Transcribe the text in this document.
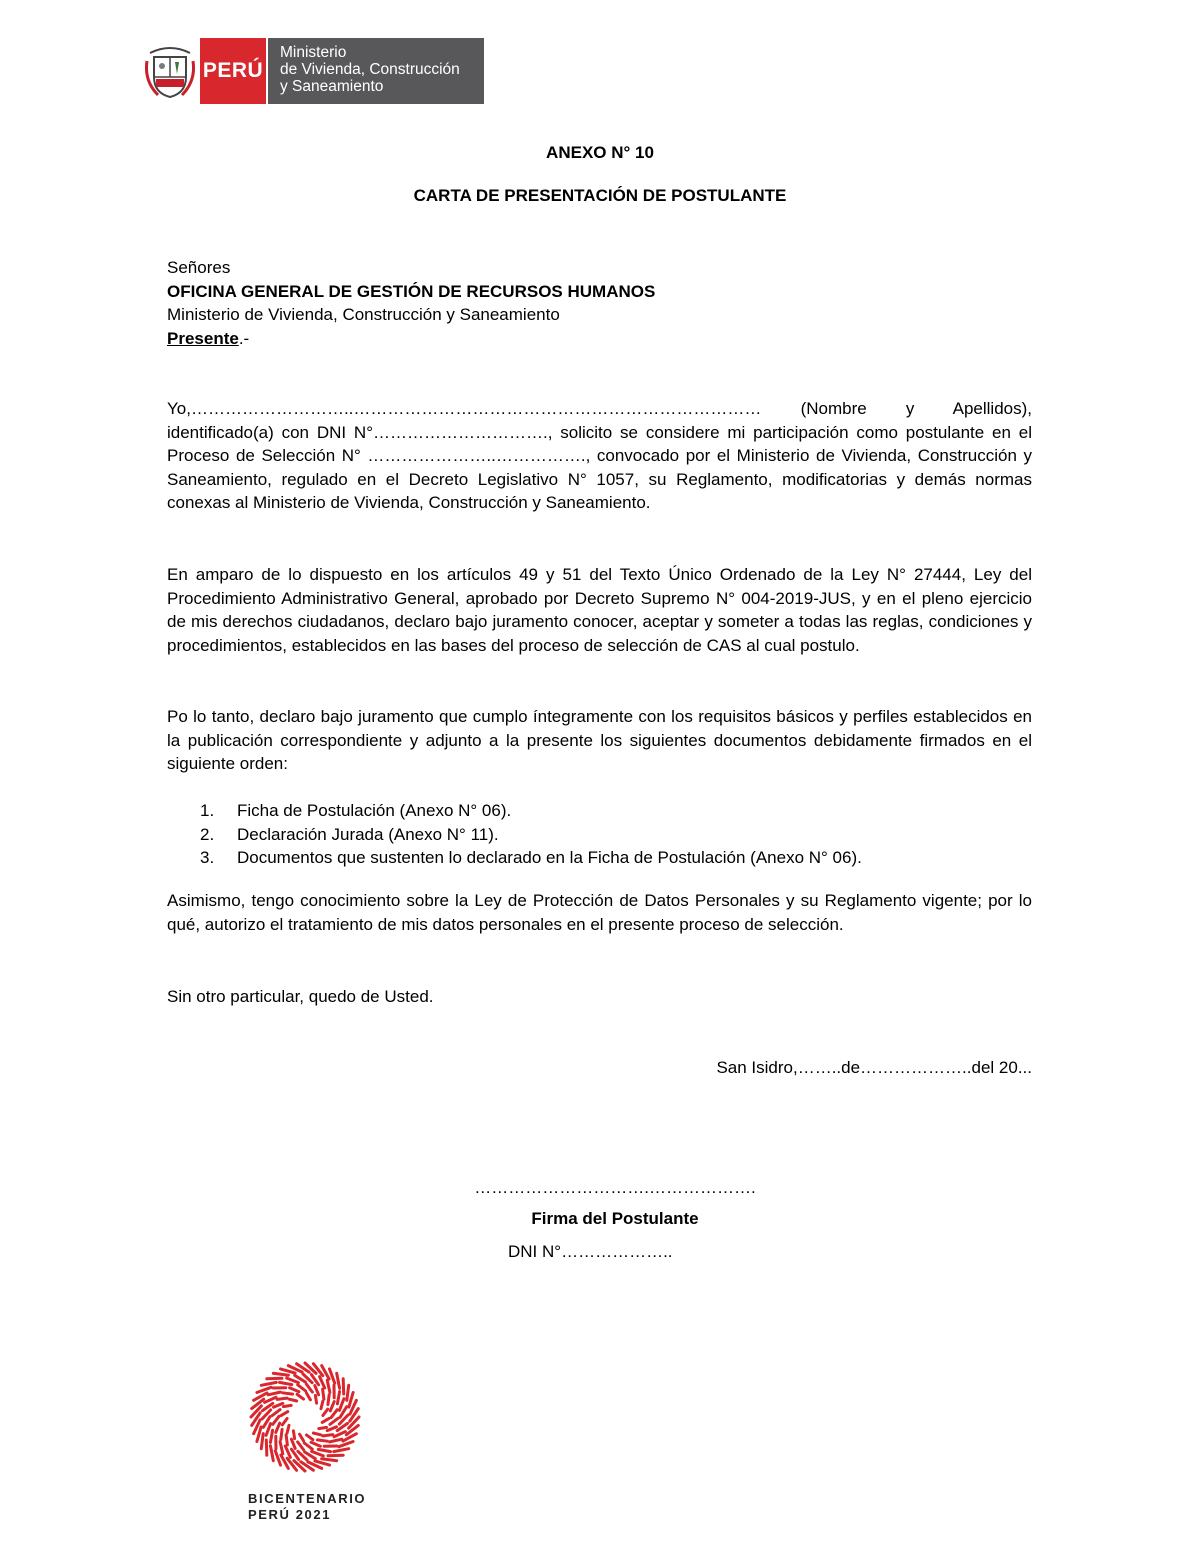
PERÚ
Ministerio
de Vivienda, Construcción
y Saneamiento
ANEXO N° 10
CARTA DE PRESENTACIÓN DE POSTULANTE
Señores
OFICINA GENERAL DE GESTIÓN DE RECURSOS HUMANOS
Ministerio de Vivienda, Construcción y Saneamiento
Presente.-

Yo,………………………..……………………………………………………………… (Nombre y Apellidos), identificado(a) con DNI N°…………………………., solicito se considere mi participación como postulante en el Proceso de Selección N° …………………..……………., convocado por el Ministerio de Vivienda, Construcción y Saneamiento, regulado en el Decreto Legislativo N° 1057, su Reglamento, modificatorias y demás normas conexas al Ministerio de Vivienda, Construcción y Saneamiento.

En amparo de lo dispuesto en los artículos 49 y 51 del Texto Único Ordenado de la Ley N° 27444, Ley del Procedimiento Administrativo General, aprobado por Decreto Supremo N° 004-2019-JUS, y en el pleno ejercicio de mis derechos ciudadanos, declaro bajo juramento conocer, aceptar y someter a todas las reglas, condiciones y procedimientos, establecidos en las bases del proceso de selección de CAS al cual postulo.

Po lo tanto, declaro bajo juramento que cumplo íntegramente con los requisitos básicos y perfiles establecidos en la publicación correspondiente y adjunto a la presente los siguientes documentos debidamente firmados en el siguiente orden:

1.	Ficha de Postulación (Anexo N° 06).
2.	Declaración Jurada (Anexo N° 11).
3.	Documentos que sustenten lo declarado en la Ficha de Postulación (Anexo N° 06).

Asimismo, tengo conocimiento sobre la Ley de Protección de Datos Personales y su Reglamento vigente; por lo qué, autorizo el tratamiento de mis datos personales en el presente proceso de selección.

Sin otro particular, quedo de Usted.
San Isidro,……..de………………..del 20...
………………………….……………….
Firma del Postulante
DNI N°………………..
BICENTENARIO
PERÚ 2021
